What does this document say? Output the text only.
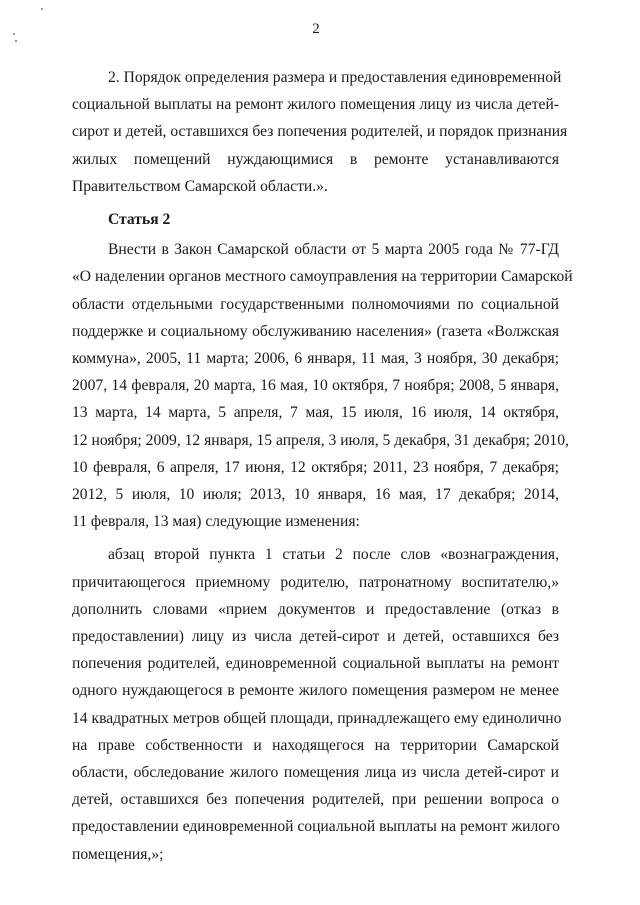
2
2. Порядок определения размера и предоставления единовременной
социальной выплаты на ремонт жилого помещения лицу из числа детей-
сирот и детей, оставшихся без попечения родителей, и порядок признания
жилых помещений нуждающимися в ремонте устанавливаются
Правительством Самарской области.».
Статья 2
Внести в Закон Самарской области от 5 марта 2005 года № 77-ГД
«О наделении органов местного самоуправления на территории Самарской
области отдельными государственными полномочиями по социальной
поддержке и социальному обслуживанию населения» (газета «Волжская
коммуна», 2005, 11 марта; 2006, 6 января, 11 мая, 3 ноября, 30 декабря;
2007, 14 февраля, 20 марта, 16 мая, 10 октября, 7 ноября; 2008, 5 января,
13 марта, 14 марта, 5 апреля, 7 мая, 15 июля, 16 июля, 14 октября,
12 ноября; 2009, 12 января, 15 апреля, 3 июля, 5 декабря, 31 декабря; 2010,
10 февраля, 6 апреля, 17 июня, 12 октября; 2011, 23 ноября, 7 декабря;
2012, 5 июля, 10 июля; 2013, 10 января, 16 мая, 17 декабря; 2014,
11 февраля, 13 мая) следующие изменения:
абзац второй пункта 1 статьи 2 после слов «вознаграждения,
причитающегося приемному родителю, патронатному воспитателю,»
дополнить словами «прием документов и предоставление (отказ в
предоставлении) лицу из числа детей-сирот и детей, оставшихся без
попечения родителей, единовременной социальной выплаты на ремонт
одного нуждающегося в ремонте жилого помещения размером не менее
14 квадратных метров общей площади, принадлежащего ему единолично
на праве собственности и находящегося на территории Самарской
области, обследование жилого помещения лица из числа детей-сирот и
детей, оставшихся без попечения родителей, при решении вопроса о
предоставлении единовременной социальной выплаты на ремонт жилого
помещения,»;
